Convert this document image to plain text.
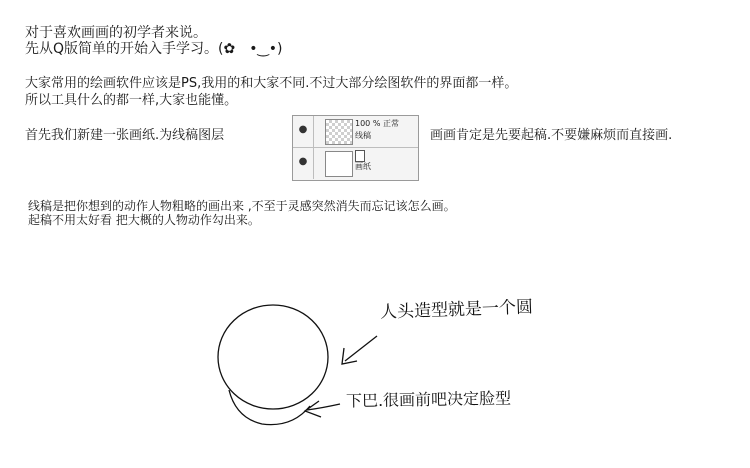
对于喜欢画画的初学者来说。
先从Q版简单的开始入手学习。(✿　•‿•)
大家常用的绘画软件应该是PS,我用的和大家不同.不过大部分绘图软件的界面都一样。
所以工具什么的都一样,大家也能懂。
首先我们新建一张画纸.为线稿图层	●
100 % 正常
线稿
●	画纸
画画肯定是先要起稿.不要嫌麻烦而直接画.
线稿是把你想到的动作人物粗略的画出来 ,不至于灵感突然消失而忘记该怎么画。
起稿不用太好看 把大概的人物动作勾出来。
人头造型就是一个圆
下巴.很画前吧决定脸型
